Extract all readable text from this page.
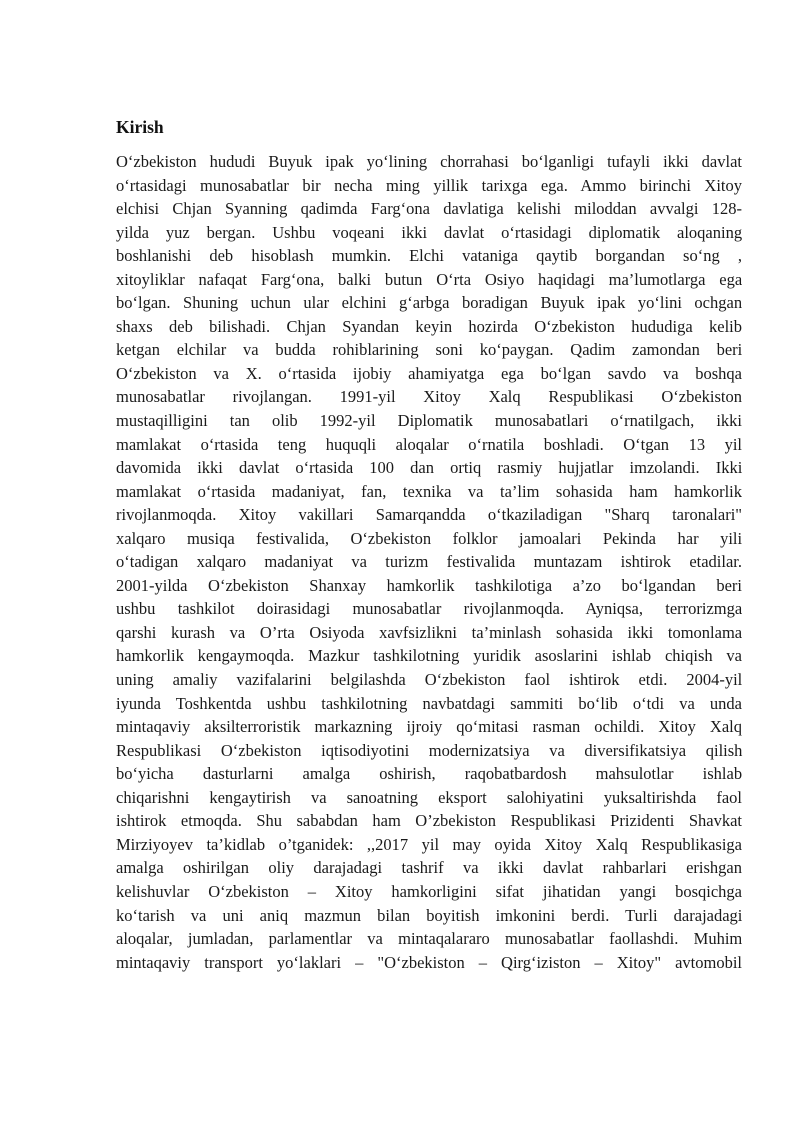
Kirish
O‘zbekiston hududi Buyuk ipak yo‘lining chorrahasi bo‘lganligi tufayli ikki davlat
o‘rtasidagi munosabatlar bir necha ming yillik tarixga ega. Ammo birinchi Xitoy
elchisi Chjan Syanning qadimda Farg‘ona davlatiga kelishi miloddan avvalgi 128-
yilda yuz bergan. Ushbu voqeani ikki davlat o‘rtasidagi diplomatik aloqaning
boshlanishi deb hisoblash mumkin. Elchi vataniga qaytib borgandan so‘ng ,
xitoyliklar nafaqat Farg‘ona, balki butun O‘rta Osiyo haqidagi ma’lumotlarga ega
bo‘lgan. Shuning uchun ular elchini g‘arbga boradigan Buyuk ipak yo‘lini ochgan
shaxs deb bilishadi. Chjan Syandan keyin hozirda O‘zbekiston hududiga kelib
ketgan elchilar va budda rohiblarining soni ko‘paygan. Qadim zamondan beri
O‘zbekiston va X. o‘rtasida ijobiy ahamiyatga ega bo‘lgan savdo va boshqa
munosabatlar rivojlangan. 1991-yil Xitoy Xalq Respublikasi O‘zbekiston
mustaqilligini tan olib 1992-yil Diplomatik munosabatlari o‘rnatilgach, ikki
mamlakat o‘rtasida teng huquqli aloqalar o‘rnatila boshladi. O‘tgan 13 yil
davomida ikki davlat o‘rtasida 100 dan ortiq rasmiy hujjatlar imzolandi. Ikki
mamlakat o‘rtasida madaniyat, fan, texnika va ta’lim sohasida ham hamkorlik
rivojlanmoqda. Xitoy vakillari Samarqandda o‘tkaziladigan "Sharq taronalari"
xalqaro musiqa festivalida, O‘zbekiston folklor jamoalari Pekinda har yili
o‘tadigan xalqaro madaniyat va turizm festivalida muntazam ishtirok etadilar.
2001-yilda O‘zbekiston Shanxay hamkorlik tashkilotiga a’zo bo‘lgandan beri
ushbu tashkilot doirasidagi munosabatlar rivojlanmoqda. Ayniqsa, terrorizmga
qarshi kurash va O’rta Osiyoda xavfsizlikni ta’minlash sohasida ikki tomonlama
hamkorlik kengaymoqda. Mazkur tashkilotning yuridik asoslarini ishlab chiqish va
uning amaliy vazifalarini belgilashda O‘zbekiston faol ishtirok etdi. 2004-yil
iyunda Toshkentda ushbu tashkilotning navbatdagi sammiti bo‘lib o‘tdi va unda
mintaqaviy aksilterroristik markazning ijroiy qo‘mitasi rasman ochildi. Xitoy Xalq
Respublikasi O‘zbekiston iqtisodiyotini modernizatsiya va diversifikatsiya qilish
bo‘yicha dasturlarni amalga oshirish, raqobatbardosh mahsulotlar ishlab
chiqarishni kengaytirish va sanoatning eksport salohiyatini yuksaltirishda faol
ishtirok etmoqda. Shu sababdan ham O’zbekiston Respublikasi Prizidenti Shavkat
Mirziyoyev ta’kidlab o’tganidek: ,,2017 yil may oyida Xitoy Xalq Respublikasiga
amalga oshirilgan oliy darajadagi tashrif va ikki davlat rahbarlari erishgan
kelishuvlar O‘zbekiston – Xitoy hamkorligini sifat jihatidan yangi bosqichga
ko‘tarish va uni aniq mazmun bilan boyitish imkonini berdi. Turli darajadagi
aloqalar, jumladan, parlamentlar va mintaqalararo munosabatlar faollashdi. Muhim
mintaqaviy transport yo‘laklari – "O‘zbekiston – Qirg‘iziston – Xitoy" avtomobil
